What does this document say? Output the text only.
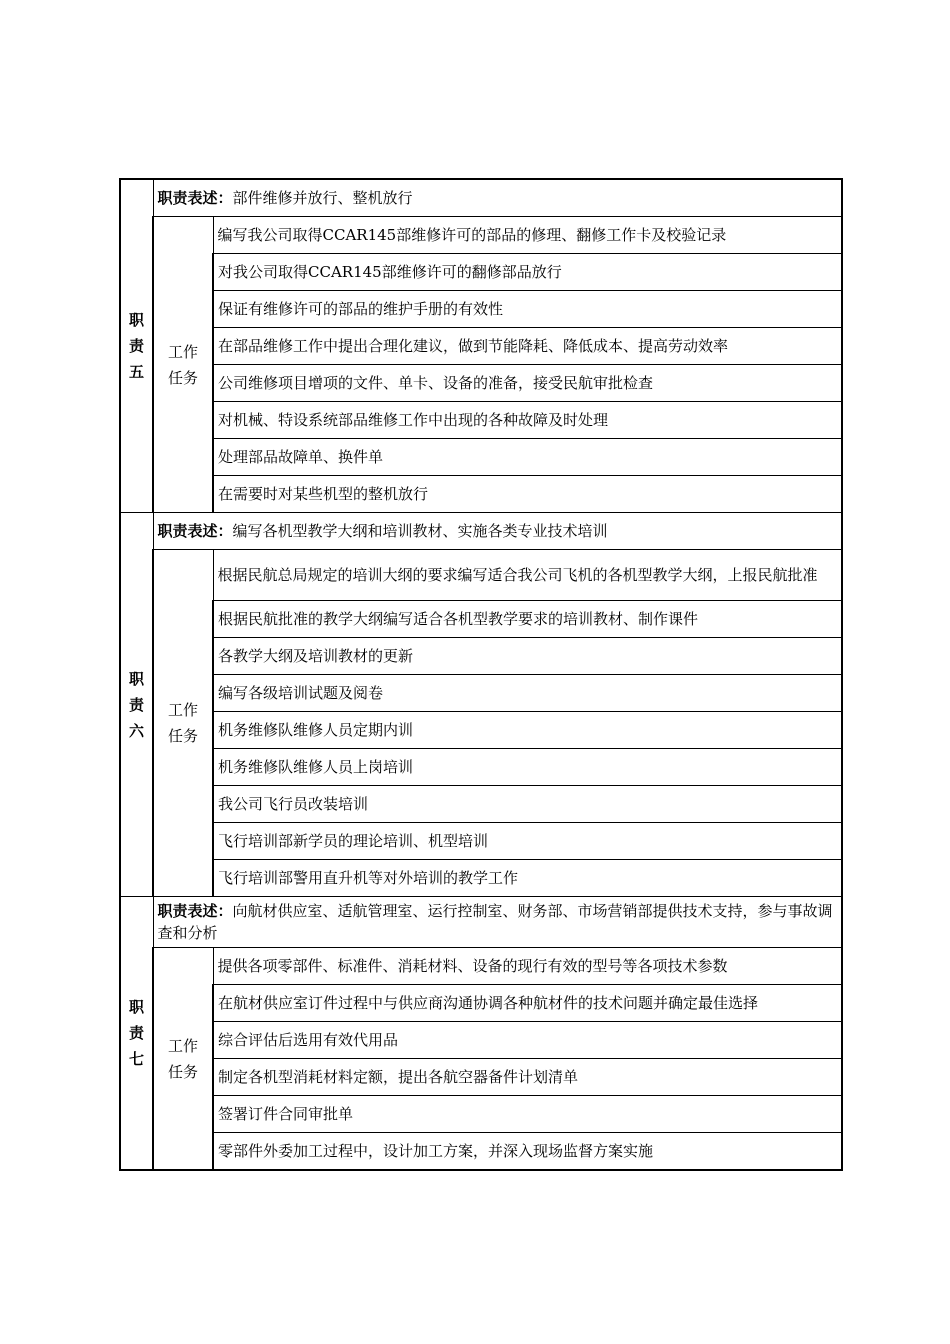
职
责
五	职责表述：部件维修并放行、整机放行	

	工作
任务	编写我公司取得CCAR145部维修许可的部品的修理、翻修工作卡及校验记录
		对我公司取得CCAR145部维修许可的翻修部品放行
		保证有维修许可的部品的维护手册的有效性
		在部品维修工作中提出合理化建议，做到节能降耗、降低成本、提高劳动效率
		公司维修项目增项的文件、单卡、设备的准备，接受民航审批检查
		对机械、特设系统部品维修工作中出现的各种故障及时处理
		处理部品故障单、换件单
		在需要时对某些机型的整机放行

职
责
六	职责表述：编写各机型教学大纲和培训教材、实施各类专业技术培训	

	工作
任务	根据民航总局规定的培训大纲的要求编写适合我公司飞机的各机型教学大纲，上报民航批准
		根据民航批准的教学大纲编写适合各机型教学要求的培训教材、制作课件
		各教学大纲及培训教材的更新
		编写各级培训试题及阅卷
		机务维修队维修人员定期内训
		机务维修队维修人员上岗培训
		我公司飞行员改装培训
		飞行培训部新学员的理论培训、机型培训
		飞行培训部警用直升机等对外培训的教学工作

职
责
七	职责表述：向航材供应室、适航管理室、运行控制室、财务部、市场营销部提供技术支持，参与事故调查和分析	

	工作
任务	提供各项零部件、标准件、消耗材料、设备的现行有效的型号等各项技术参数
		在航材供应室订件过程中与供应商沟通协调各种航材件的技术问题并确定最佳选择
		综合评估后选用有效代用品
		制定各机型消耗材料定额，提出各航空器备件计划清单
		签署订件合同审批单
		零部件外委加工过程中，设计加工方案，并深入现场监督方案实施
